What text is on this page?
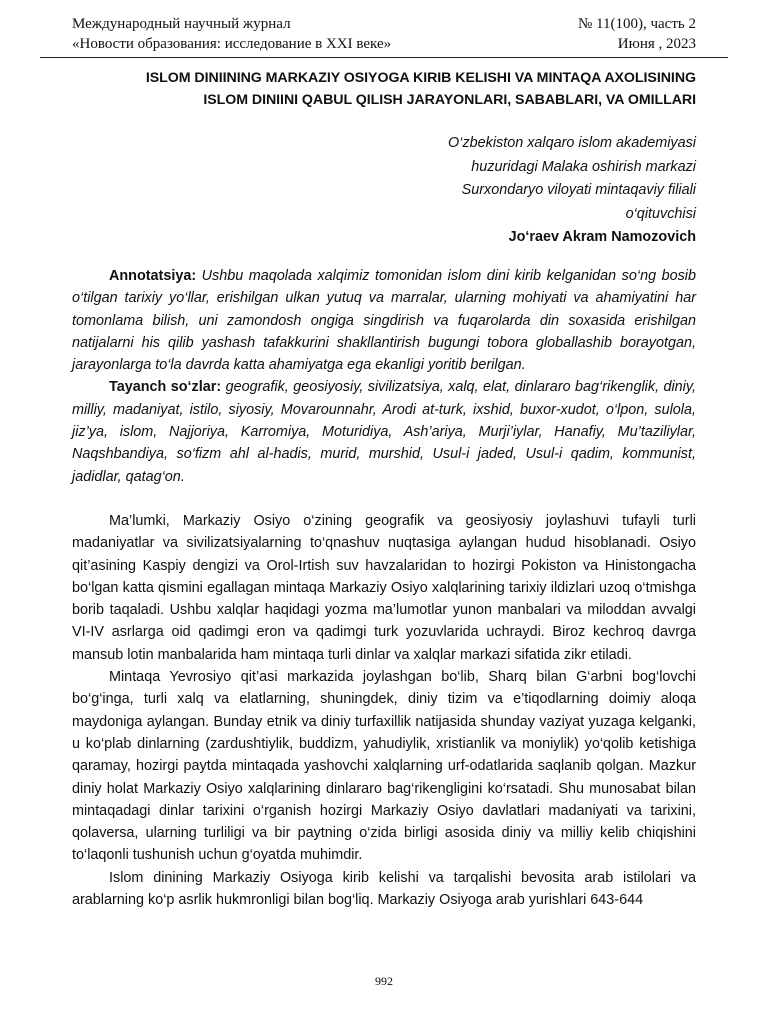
Международный научный журнал
«Новости образования: исследование в XXI веке»
№ 11(100), часть 2
Июня , 2023
ISLOM DINIINING MARKAZIY OSIYOGA KIRIB KELISHI VA MINTAQA AXOLISINING
ISLOM DINIINI QABUL QILISH JARAYONLARI, SABABLARI, VA OMILLARI
O‘zbekiston xalqaro islom akademiyasi
huzuridagi Malaka oshirish markazi
Surxondaryo viloyati mintaqaviy filiali
o‘qituvchisi
Jo‘raev Akram Namozovich

Annotatsiya: Ushbu maqolada xalqimiz tomonidan islom dini kirib kelganidan so‘ng bosib o‘tilgan tarixiy yo‘llar, erishilgan ulkan yutuq va marralar, ularning mohiyati va ahamiyatini har tomonlama bilish, uni zamondosh ongiga singdirish va fuqarolarda din soxasida erishilgan natijalarni his qilib yashash tafakkurini shakllantirish bugungi tobora globallashib borayotgan, jarayonlarga to‘la davrda katta ahamiyatga ega ekanligi yoritib berilgan.

Tayanch so‘zlar: geografik, geosiyosiy, sivilizatsiya, xalq, elat, dinlararo bag‘rikenglik, diniy, milliy, madaniyat, istilo, siyosiy, Movarounnahr, Arodi at-turk, ixshid, buxor-xudot, o‘lpon, sulola, jiz’ya, islom, Najjoriya, Karromiya, Moturidiya, Ash’ariya, Murji’iylar, Hanafiy, Mu’taziliylar, Naqshbandiya, so‘fizm ahl al-hadis, murid, murshid, Usul-i jaded, Usul-i qadim, kommunist, jadidlar, qatag‘on.

Ma’lumki, Markaziy Osiyo o‘zining geografik va geosiyosiy joylashuvi tufayli turli madaniyatlar va sivilizatsiyalarning to‘qnashuv nuqtasiga aylangan hudud hisoblanadi. Osiyo qit’asining Kaspiy dengizi va Orol-Irtish suv havzalaridan to hozirgi Pokiston va Hinistongacha bo‘lgan katta qismini egallagan mintaqa Markaziy Osiyo xalqlarining tarixiy ildizlari uzoq o‘tmishga borib taqaladi. Ushbu xalqlar haqidagi yozma ma’lumotlar yunon manbalari va miloddan avvalgi VI-IV asrlarga oid qadimgi eron va qadimgi turk yozuvlarida uchraydi. Biroz kechroq davrga mansub lotin manbalarida ham mintaqa turli dinlar va xalqlar markazi sifatida zikr etiladi.

Mintaqa Yevrosiyo qit’asi markazida joylashgan bo‘lib, Sharq bilan G‘arbni bog‘lovchi bo‘g‘inga, turli xalq va elatlarning, shuningdek, diniy tizim va e’tiqodlarning doimiy aloqa maydoniga aylangan. Bunday etnik va diniy turfaxillik natijasida shunday vaziyat yuzaga kelganki, u ko‘plab dinlarning (zardushtiylik, buddizm, yahudiylik, xristianlik va moniylik) yo‘qolib ketishiga qaramay, hozirgi paytda mintaqada yashovchi xalqlarning urf-odatlarida saqlanib qolgan. Mazkur diniy holat Markaziy Osiyo xalqlarining dinlararo bag‘rikengligini ko‘rsatadi. Shu munosabat bilan mintaqadagi dinlar tarixini o‘rganish hozirgi Markaziy Osiyo davlatlari madaniyati va tarixini, qolaversa, ularning turliligi va bir paytning o‘zida birligi asosida diniy va milliy kelib chiqishini to‘laqonli tushunish uchun g‘oyatda muhimdir.

Islom dinining Markaziy Osiyoga kirib kelishi va tarqalishi bevosita arab istilolari va arablarning ko‘p asrlik hukmronligi bilan bog‘liq. Markaziy Osiyoga arab yurishlari 643-644

992
